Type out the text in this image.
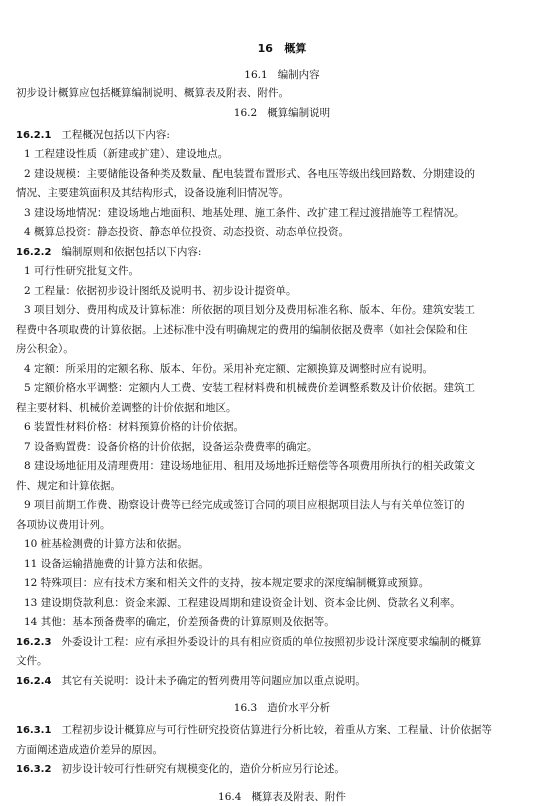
16 概算
16.1 编制内容

初步设计概算应包括概算编制说明、概算表及附表、附件。

16.2 概算编制说明

16.2.1 工程概况包括以下内容:

1 工程建设性质（新建或扩建）、建设地点。

2 建设规模：主要储能设备种类及数量、配电装置布置形式、各电压等级出线回路数、分期建设的

情况、主要建筑面积及其结构形式，设备设施利旧情况等。

3 建设场地情况：建设场地占地面积、地基处理、施工条件、改扩建工程过渡措施等工程情况。

4 概算总投资：静态投资、静态单位投资、动态投资、动态单位投资。

16.2.2 编制原则和依据包括以下内容:

1 可行性研究批复文件。

2 工程量：依据初步设计图纸及说明书、初步设计提资单。

3 项目划分、费用构成及计算标准：所依据的项目划分及费用标准名称、版本、年份。建筑安装工

程费中各项取费的计算依据。上述标准中没有明确规定的费用的编制依据及费率（如社会保险和住

房公积金）。

4 定额：所采用的定额名称、版本、年份。采用补充定额、定额换算及调整时应有说明。

5 定额价格水平调整：定额内人工费、安装工程材料费和机械费价差调整系数及计价依据。建筑工

程主要材料、机械价差调整的计价依据和地区。

6 装置性材料价格：材料预算价格的计价依据。

7 设备购置费：设备价格的计价依据，设备运杂费费率的确定。

8 建设场地征用及清理费用：建设场地征用、租用及场地拆迁赔偿等各项费用所执行的相关政策文

件、规定和计算依据。

9 项目前期工作费、勘察设计费等已经完成或签订合同的项目应根据项目法人与有关单位签订的

各项协议费用计列。

10 桩基检测费的计算方法和依据。

11 设备运输措施费的计算方法和依据。

12 特殊项目：应有技术方案和相关文件的支持，按本规定要求的深度编制概算或预算。

13 建设期贷款利息：资金来源、工程建设周期和建设资金计划、资本金比例、贷款名义利率。

14 其他：基本预备费率的确定，价差预备费的计算原则及依据等。

16.2.3 外委设计工程：应有承担外委设计的具有相应资质的单位按照初步设计深度要求编制的概算

文件。

16.2.4 其它有关说明：设计未予确定的暂列费用等问题应加以重点说明。

16.3 造价水平分析

16.3.1 工程初步设计概算应与可行性研究投资估算进行分析比较，着重从方案、工程量、计价依据等

方面阐述造成造价差异的原因。

16.3.2 初步设计较可行性研究有规模变化的，造价分析应另行论述。

16.4 概算表及附表、附件
